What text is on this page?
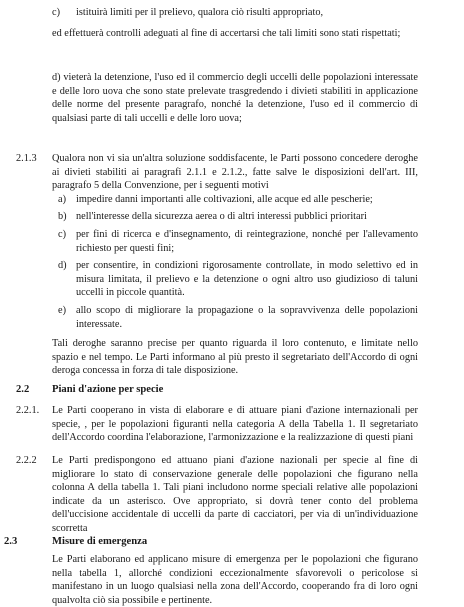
c) istituirà limiti per il prelievo, qualora ciò risulti appropriato,

ed effettuerà controlli adeguati al fine di accertarsi che tali limiti sono stati rispettati;

d) vieterà la detenzione, l'uso ed il commercio degli uccelli delle popolazioni interessate e delle loro uova che sono state prelevate trasgredendo i divieti stabiliti in applicazione delle norme del presente paragrafo, nonché la detenzione, l'uso ed il commercio di qualsiasi parte di tali uccelli e delle loro uova;

2.1.3 Qualora non vi sia un'altra soluzione soddisfacente, le Parti possono concedere deroghe ai divieti stabiliti ai paragrafi 2.1.1 e 2.1.2., fatte salve le disposizioni dell'art. III, paragrafo 5 della Convenzione, per i seguenti motivi

a) impedire danni importanti alle coltivazioni, alle acque ed alle pescherie;
b) nell'interesse della sicurezza aerea o di altri interessi pubblici prioritari
c) per fini di ricerca e d'insegnamento, di reintegrazione, nonché per l'allevamento richiesto per questi fini;
d) per consentire, in condizioni rigorosamente controllate, in modo selettivo ed in misura limitata, il prelievo e la detenzione o ogni altro uso giudizioso di taluni uccelli in piccole quantità.
e) allo scopo di migliorare la propagazione o la sopravvivenza delle popolazioni interessate.

Tali deroghe saranno precise per quanto riguarda il loro contenuto, e limitate nello spazio e nel tempo. Le Parti informano al più presto il segretariato dell'Accordo di ogni deroga concessa in forza di tale disposizione.

2.2 Piani d'azione per specie
2.2.1. Le Parti cooperano in vista di elaborare e di attuare piani d'azione internazionali per specie, , per le popolazioni figuranti nella categoria A della Tabella 1. Il segretariato dell'Accordo coordina l'elaborazione, l'armonizzazione e la realizzazione di questi piani

2.2.2 Le Parti predispongono ed attuano piani d'azione nazionali per specie al fine di migliorare lo stato di conservazione generale delle popolazioni che figurano nella colonna A della tabella 1. Tali piani includono norme speciali relative alle popolazioni indicate da un asterisco. Ove appropriato, si dovrà tener conto del problema dell'uccisione accidentale di uccelli da parte di cacciatori, per via di un'individuazione scorretta

2.3	Misure di emergenza

Le Parti elaborano ed applicano misure di emergenza per le popolazioni che figurano nella tabella 1, allorché condizioni eccezionalmente sfavorevoli o pericolose si manifestano in un luogo qualsiasi nella zona dell'Accordo, cooperando fra di loro ogni qualvolta ciò sia possibile e pertinente.
